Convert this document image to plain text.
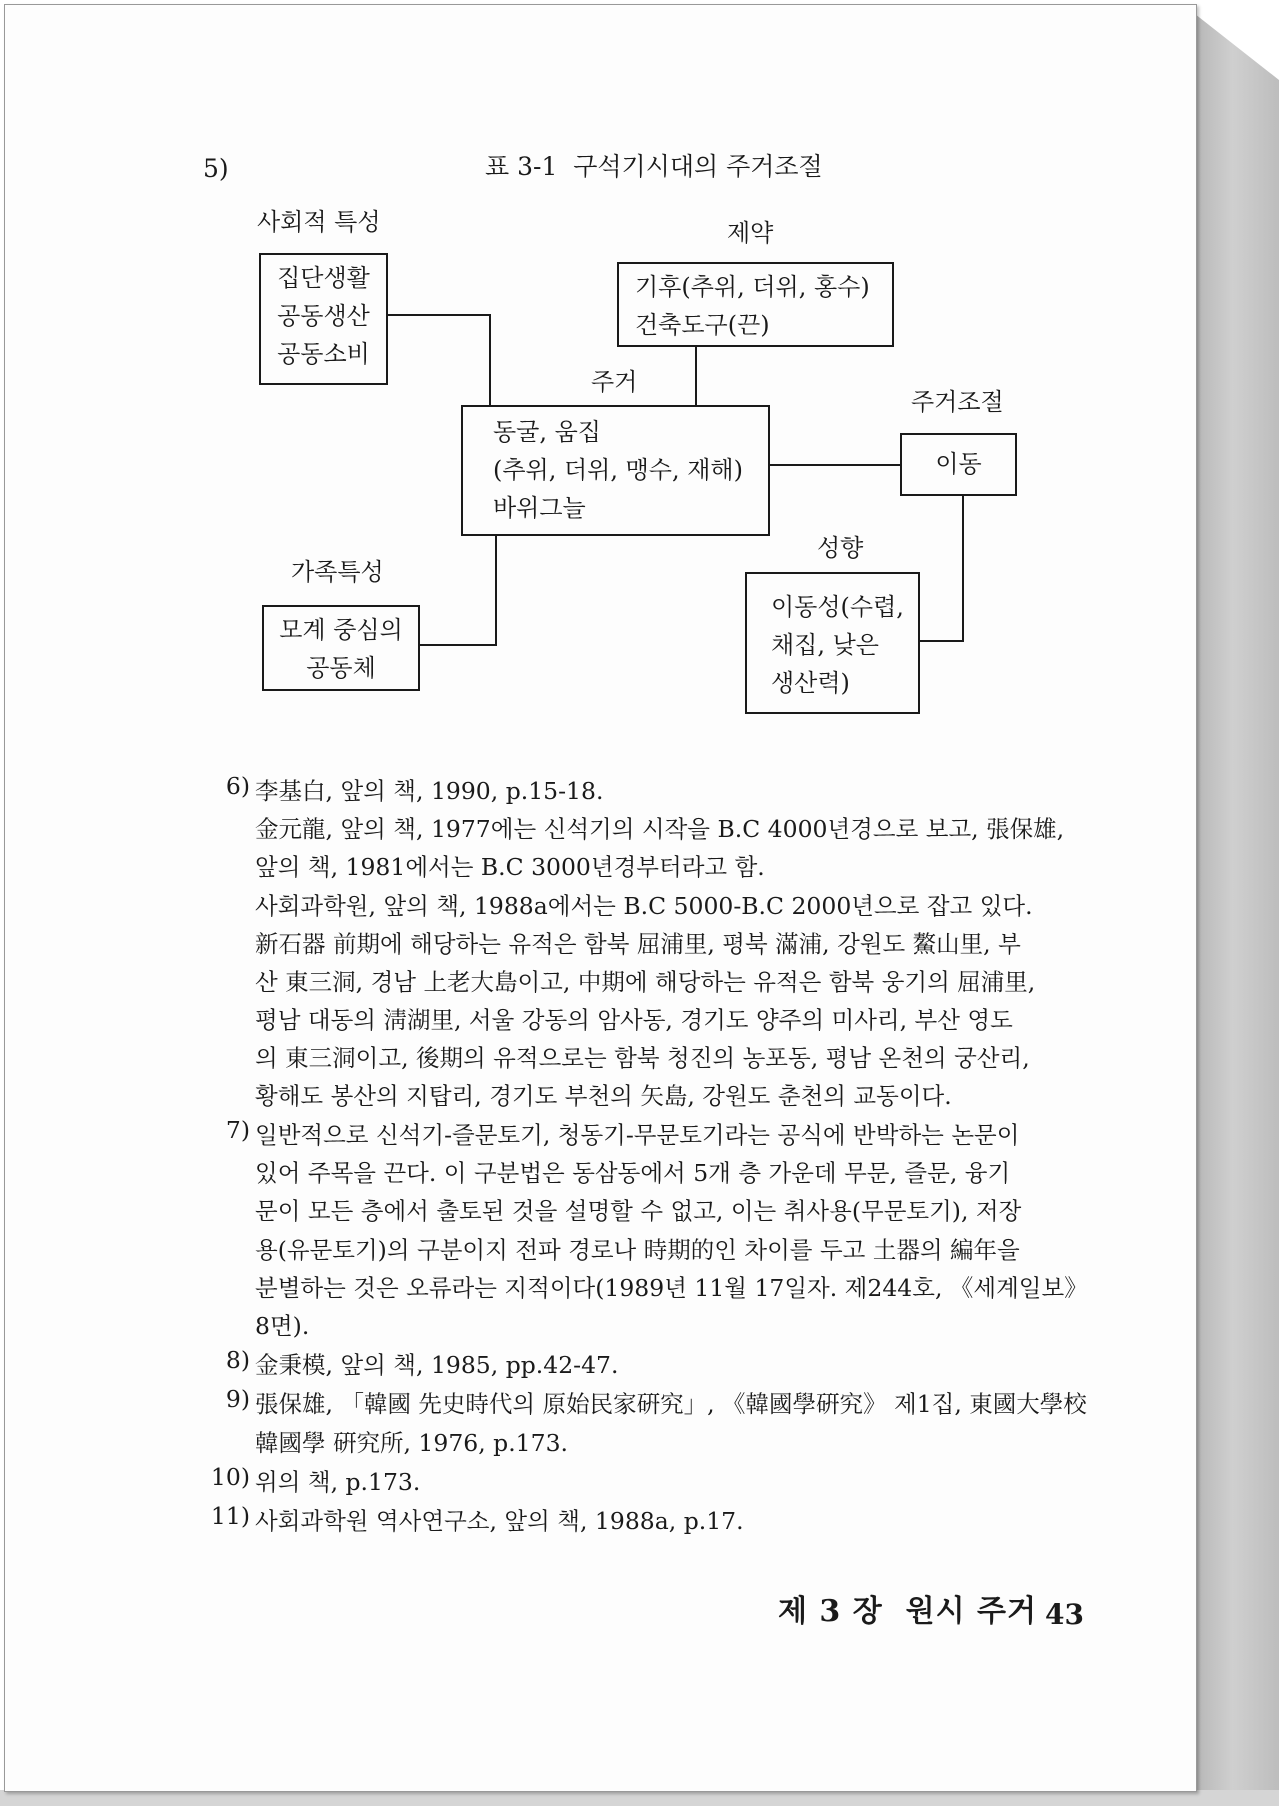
5)	표 3-1  구석기시대의 주거조절
사회적 특성	제약
주거
주거조절
성향
가족특성
집단생활
공동생산
공동소비
기후(추위, 더위, 홍수)
건축도구(끈)
동굴, 움집
(추위, 더위, 맹수, 재해)
바위그늘
이동
이동성(수렵,
채집, 낮은
생산력)
모계 중심의
공동체
6) 李基白, 앞의 책, 1990, p.15-18.
金元龍, 앞의 책, 1977에는 신석기의 시작을 B.C 4000년경으로 보고, 張保雄,
앞의 책, 1981에서는 B.C 3000년경부터라고 함.
사회과학원, 앞의 책, 1988a에서는 B.C 5000-B.C 2000년으로 잡고 있다.
新石器 前期에 해당하는 유적은 함북 屈浦里, 평북 滿浦, 강원도 鰲山里, 부
산 東三洞, 경남 上老大島이고, 中期에 해당하는 유적은 함북 웅기의 屈浦里,
평남 대동의 淸湖里, 서울 강동의 암사동, 경기도 양주의 미사리, 부산 영도
의 東三洞이고, 後期의 유적으로는 함북 청진의 농포동, 평남 온천의 궁산리,
황해도 봉산의 지탑리, 경기도 부천의 矢島, 강원도 춘천의 교동이다.
7) 일반적으로 신석기-즐문토기, 청동기-무문토기라는 공식에 반박하는 논문이
있어 주목을 끈다. 이 구분법은 동삼동에서 5개 층 가운데 무문, 즐문, 융기
문이 모든 층에서 출토된 것을 설명할 수 없고, 이는 취사용(무문토기), 저장
용(유문토기)의 구분이지 전파 경로나 時期的인 차이를 두고 土器의 編年을
분별하는 것은 오류라는 지적이다(1989년 11월 17일자. 제244호, 《세계일보》
8면).
8) 金秉模, 앞의 책, 1985, pp.42-47.
9) 張保雄, 「韓國 先史時代의 原始民家硏究」, 《韓國學硏究》 제1집, 東國大學校
韓國學 硏究所, 1976, p.173.
10) 위의 책, p.173.
11) 사회과학원 역사연구소, 앞의 책, 1988a, p.17.
제 3 장  원시 주거 43
